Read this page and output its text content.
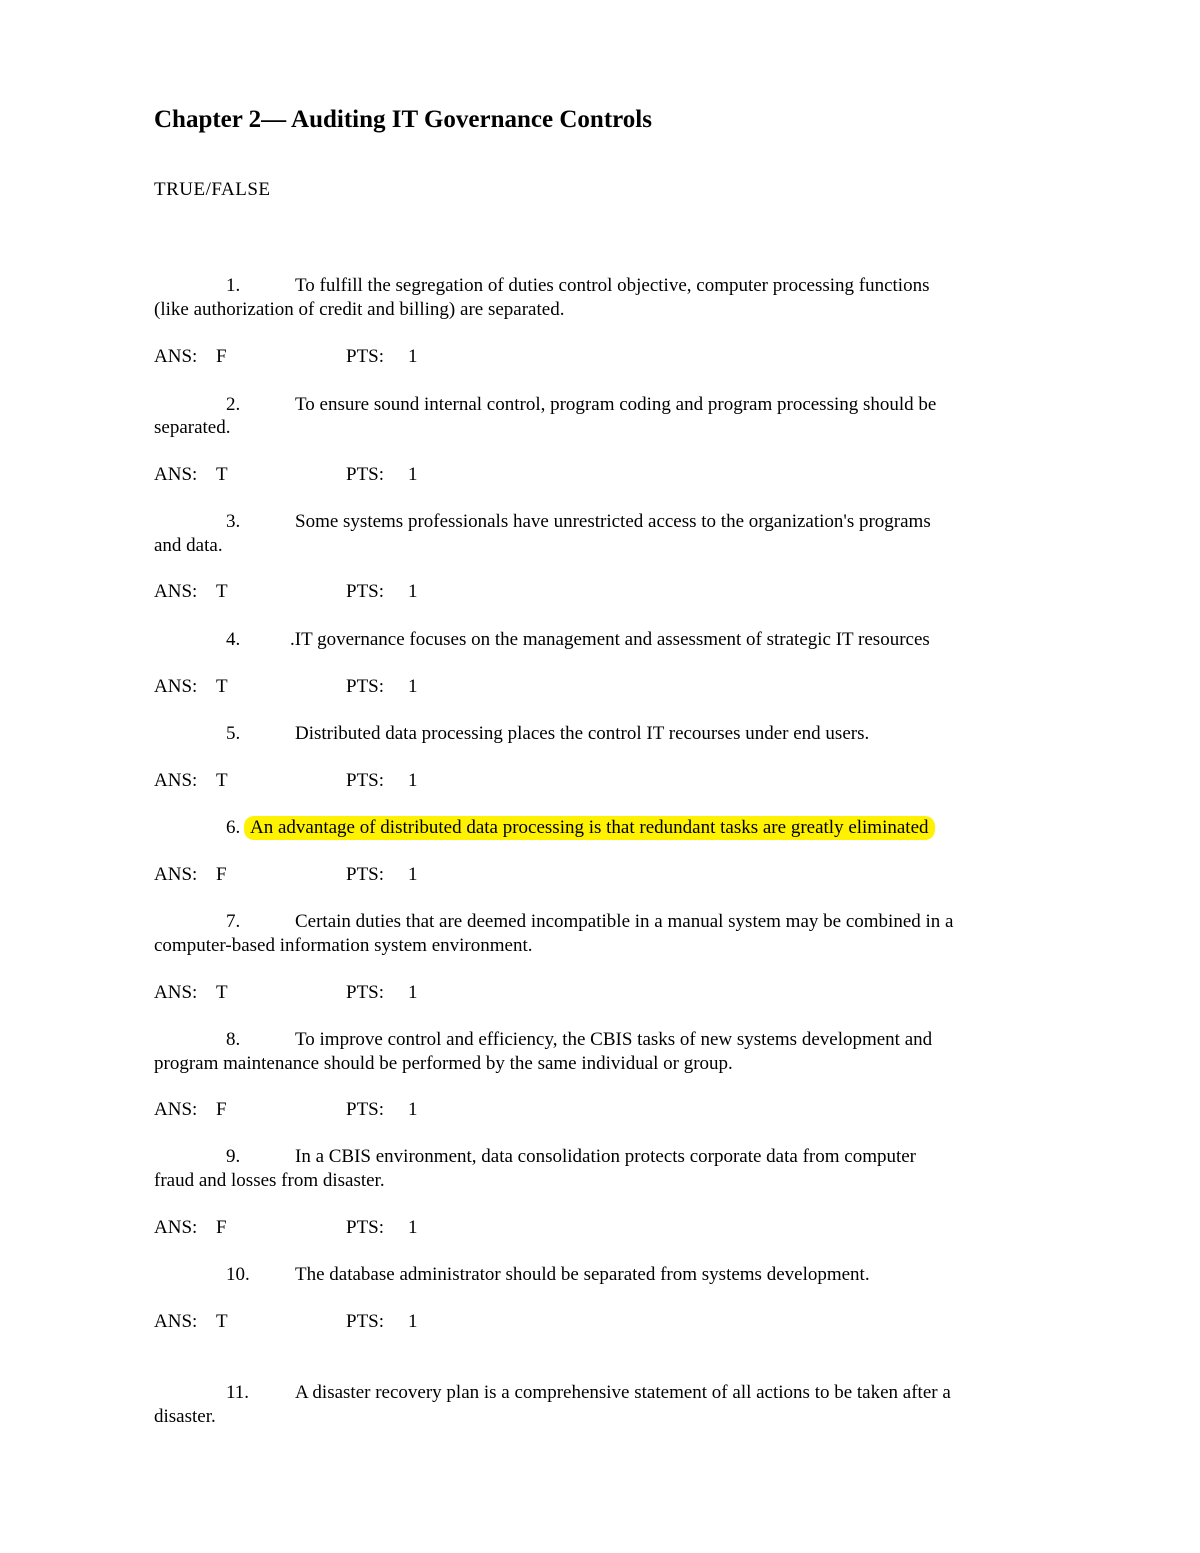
Chapter 2— Auditing IT Governance Controls
TRUE/FALSE
1.	To fulfill the segregation of duties control objective, computer processing functions
(like authorization of credit and billing) are separated.
ANS: F	PTS: 1
2.	To ensure sound internal control, program coding and program processing should be
separated.
ANS: T	PTS: 1
3.	Some systems professionals have unrestricted access to the organization's programs
and data.
ANS: T	PTS: 1
4.	.IT governance focuses on the management and assessment of strategic IT resources
ANS: T	PTS: 1
5.	Distributed data processing places the control IT recourses under end users.
ANS: T	PTS: 1
6. An advantage of distributed data processing is that redundant tasks are greatly eliminated
ANS: F	PTS: 1
7.	Certain duties that are deemed incompatible in a manual system may be combined in a
computer-based information system environment.
ANS: T	PTS: 1
8.	To improve control and efficiency, the CBIS tasks of new systems development and
program maintenance should be performed by the same individual or group.
ANS: F	PTS: 1
9.	In a CBIS environment, data consolidation protects corporate data from computer
fraud and losses from disaster.
ANS: F	PTS: 1
10. The database administrator should be separated from systems development.
ANS: T	PTS: 1
11. A disaster recovery plan is a comprehensive statement of all actions to be taken after a
disaster.
